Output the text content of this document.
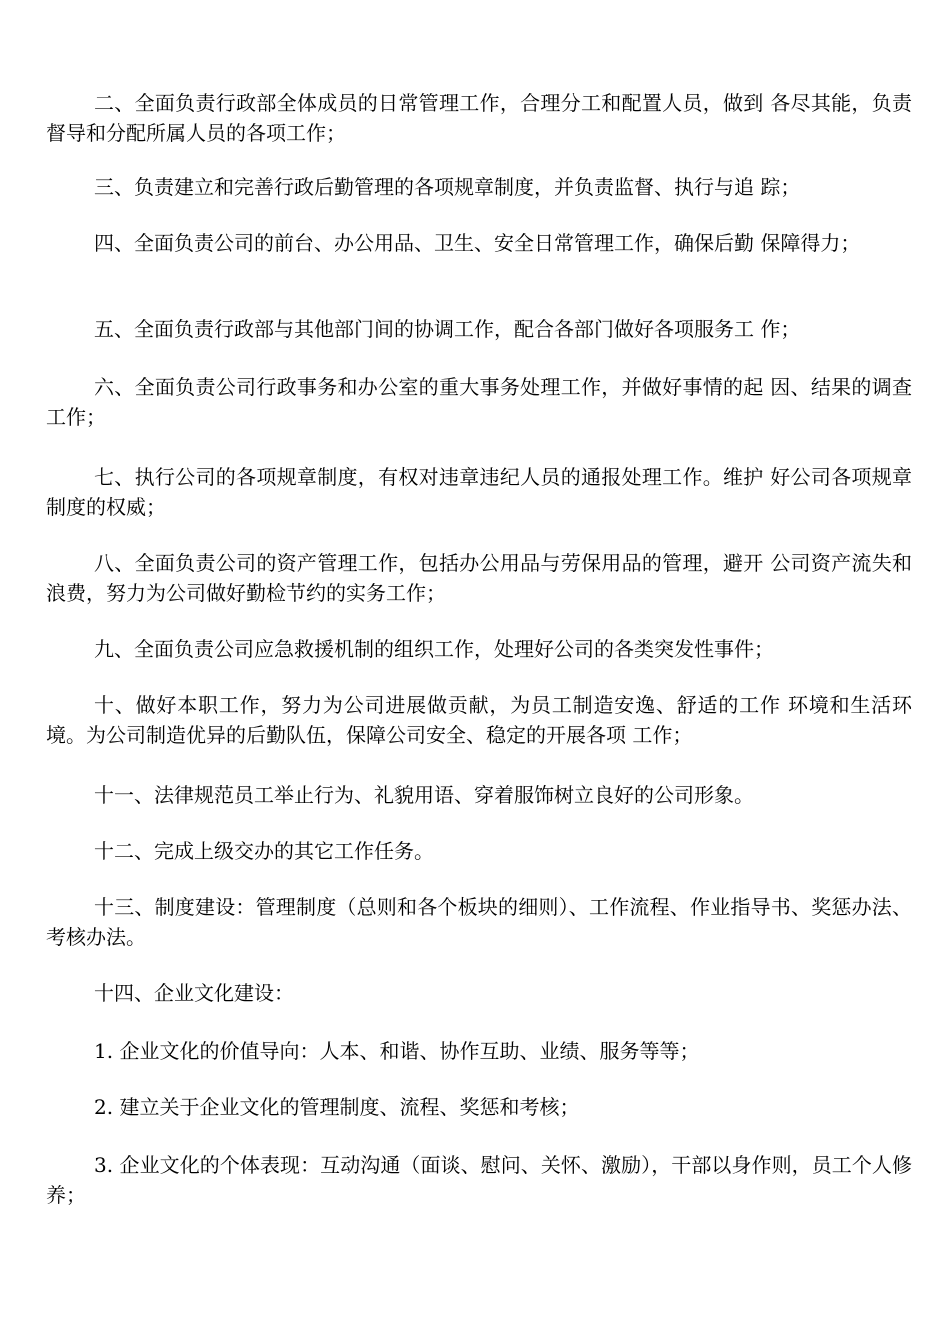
二、全面负责行政部全体成员的日常管理工作，合理分工和配置人员，做到 各尽其能，负责督导和分配所属人员的各项工作；

三、负责建立和完善行政后勤管理的各项规章制度，并负责监督、执行与追 踪；

四、全面负责公司的前台、办公用品、卫生、安全日常管理工作，确保后勤 保障得力；

五、全面负责行政部与其他部门间的协调工作，配合各部门做好各项服务工 作；

六、全面负责公司行政事务和办公室的重大事务处理工作，并做好事情的起 因、结果的调查工作；

七、执行公司的各项规章制度，有权对违章违纪人员的通报处理工作。维护 好公司各项规章制度的权威；

八、全面负责公司的资产管理工作，包括办公用品与劳保用品的管理，避开 公司资产流失和浪费，努力为公司做好勤检节约的实务工作；

九、全面负责公司应急救援机制的组织工作，处理好公司的各类突发性事件；

十、做好本职工作，努力为公司进展做贡献，为员工制造安逸、舒适的工作 环境和生活环境。为公司制造优异的后勤队伍，保障公司安全、稳定的开展各项 工作；

十一、法律规范员工举止行为、礼貌用语、穿着服饰树立良好的公司形象。

十二、完成上级交办的其它工作任务。

十三、制度建设：管理制度（总则和各个板块的细则）、工作流程、作业指导书、奖惩办法、考核办法。

十四、企业文化建设：

1. 企业文化的价值导向：人本、和谐、协作互助、业绩、服务等等；

2. 建立关于企业文化的管理制度、流程、奖惩和考核；

3. 企业文化的个体表现：互动沟通（面谈、慰问、关怀、激励），干部以身作则，员工个人修养；
